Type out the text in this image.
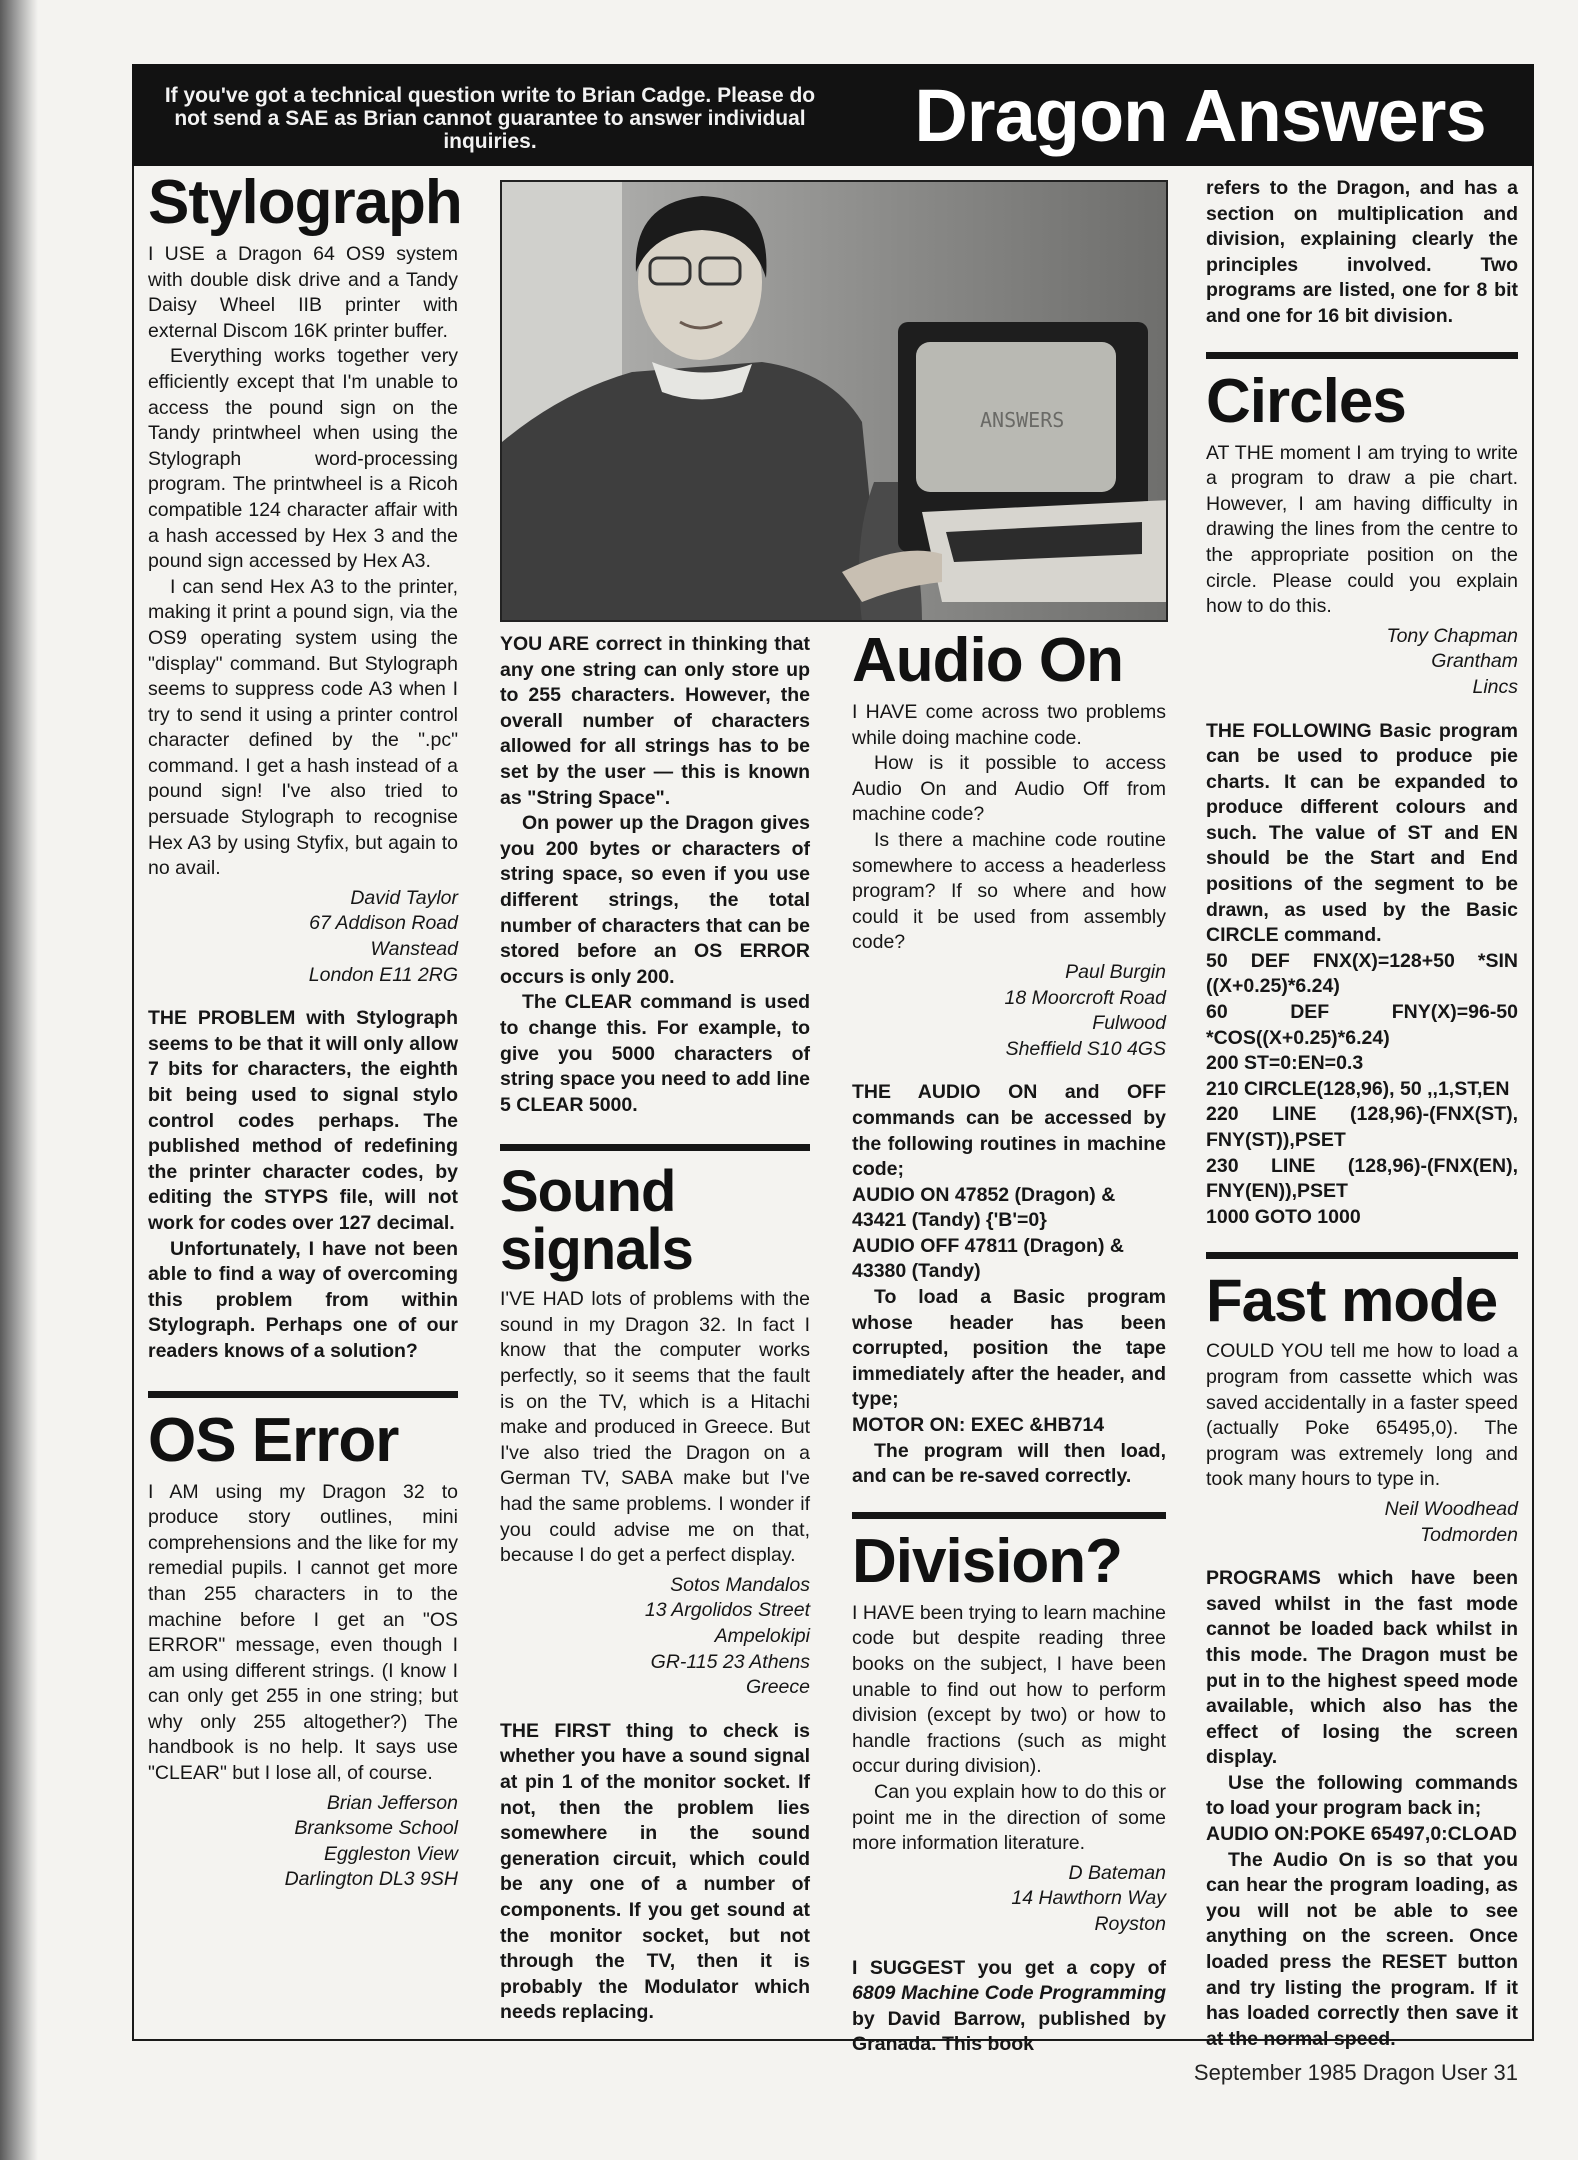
If you've got a technical question write to Brian Cadge. Please do not send a SAE as Brian cannot guarantee to answer individual inquiries.	Dragon Answers
Stylograph

I USE a Dragon 64 OS9 system with double disk drive and a Tandy Daisy Wheel IIB printer with external Discom 16K printer buffer.

Everything works together very efficiently except that I'm unable to access the pound sign on the Tandy printwheel when using the Stylograph word-processing program. The printwheel is a Ricoh compatible 124 character affair with a hash accessed by Hex 3 and the pound sign accessed by Hex A3.

I can send Hex A3 to the printer, making it print a pound sign, via the OS9 operating system using the "display" command. But Stylograph seems to suppress code A3 when I try to send it using a printer control character defined by the ".pc" command. I get a hash instead of a pound sign! I've also tried to persuade Stylograph to recognise Hex A3 by using Styfix, but again to no avail.

David Taylor

67 Addison Road

Wanstead

London E11 2RG

THE PROBLEM with Stylograph seems to be that it will only allow 7 bits for characters, the eighth bit being used to signal stylo control codes perhaps. The published method of redefining the printer character codes, by editing the STYPS file, will not work for codes over 127 decimal.

Unfortunately, I have not been able to find a way of overcoming this problem from within Stylograph. Perhaps one of our readers knows of a solution?

OS Error

I AM using my Dragon 32 to produce story outlines, mini comprehensions and the like for my remedial pupils. I cannot get more than 255 characters in to the machine before I get an "OS ERROR" message, even though I am using different strings. (I know I can only get 255 in one string; but why only 255 altogether?) The handbook is no help. It says use "CLEAR" but I lose all, of course.

Brian Jefferson

Branksome School

Eggleston View

Darlington DL3 9SH

ANSWERS

YOU ARE correct in thinking that any one string can only store up to 255 characters. However, the overall number of characters allowed for all strings has to be set by the user — this is known as "String Space".

On power up the Dragon gives you 200 bytes or characters of string space, so even if you use different strings, the total number of characters that can be stored before an OS ERROR occurs is only 200.

The CLEAR command is used to change this. For example, to give you 5000 characters of string space you need to add line 5 CLEAR 5000.

Sound signals

I'VE HAD lots of problems with the sound in my Dragon 32. In fact I know that the computer works perfectly, so it seems that the fault is on the TV, which is a Hitachi make and produced in Greece. But I've also tried the Dragon on a German TV, SABA make but I've had the same problems. I wonder if you could advise me on that, because I do get a perfect display.

Sotos Mandalos

13 Argolidos Street

Ampelokipi

GR-115 23 Athens

Greece

THE FIRST thing to check is whether you have a sound signal at pin 1 of the monitor socket. If not, then the problem lies somewhere in the sound generation circuit, which could be any one of a number of components. If you get sound at the monitor socket, but not through the TV, then it is probably the Modulator which needs replacing.

Audio On

I HAVE come across two problems while doing machine code.

How is it possible to access Audio On and Audio Off from machine code?

Is there a machine code routine somewhere to access a headerless program? If so where and how could it be used from assembly code?

Paul Burgin

18 Moorcroft Road

Fulwood

Sheffield S10 4GS

THE AUDIO ON and OFF commands can be accessed by the following routines in machine code;

AUDIO ON 47852 (Dragon) &

43421 (Tandy) {'B'=0}

AUDIO OFF 47811 (Dragon) &

43380 (Tandy)

To load a Basic program whose header has been corrupted, position the tape immediately after the header, and type;

MOTOR ON: EXEC &HB714

The program will then load, and can be re-saved correctly.

Division?

I HAVE been trying to learn machine code but despite reading three books on the subject, I have been unable to find out how to perform division (except by two) or how to handle fractions (such as might occur during division).

Can you explain how to do this or point me in the direction of some more information literature.

D Bateman

14 Hawthorn Way

Royston

I SUGGEST you get a copy of 6809 Machine Code Programming by David Barrow, published by Granada. This book

refers to the Dragon, and has a section on multiplication and division, explaining clearly the principles involved. Two programs are listed, one for 8 bit and one for 16 bit division.

Circles

AT THE moment I am trying to write a program to draw a pie chart. However, I am having difficulty in drawing the lines from the centre to the appropriate position on the circle. Please could you explain how to do this.

Tony Chapman

Grantham

Lincs

THE FOLLOWING Basic program can be used to produce pie charts. It can be expanded to produce different colours and such. The value of ST and EN should be the Start and End positions of the segment to be drawn, as used by the Basic CIRCLE command.

50 DEF FNX(X)=128+50 *SIN ((X+0.25)*6.24)

60 DEF FNY(X)=96-50 *COS((X+0.25)*6.24)

200 ST=0:EN=0.3

210 CIRCLE(128,96), 50 ,,1,ST,EN

220 LINE (128,96)-(FNX(ST), FNY(ST)),PSET

230 LINE (128,96)-(FNX(EN), FNY(EN)),PSET

1000 GOTO 1000

Fast mode

COULD YOU tell me how to load a program from cassette which was saved accidentally in a faster speed (actually Poke 65495,0). The program was extremely long and took many hours to type in.

Neil Woodhead

Todmorden

PROGRAMS which have been saved whilst in the fast mode cannot be loaded back whilst in this mode. The Dragon must be put in to the highest speed mode available, which also has the effect of losing the screen display.

Use the following commands to load your program back in;

AUDIO ON:POKE 65497,0:CLOAD

The Audio On is so that you can hear the program loading, as you will not be able to see anything on the screen. Once loaded press the RESET button and try listing the program. If it has loaded correctly then save it at the normal speed.

September 1985 Dragon User 31
